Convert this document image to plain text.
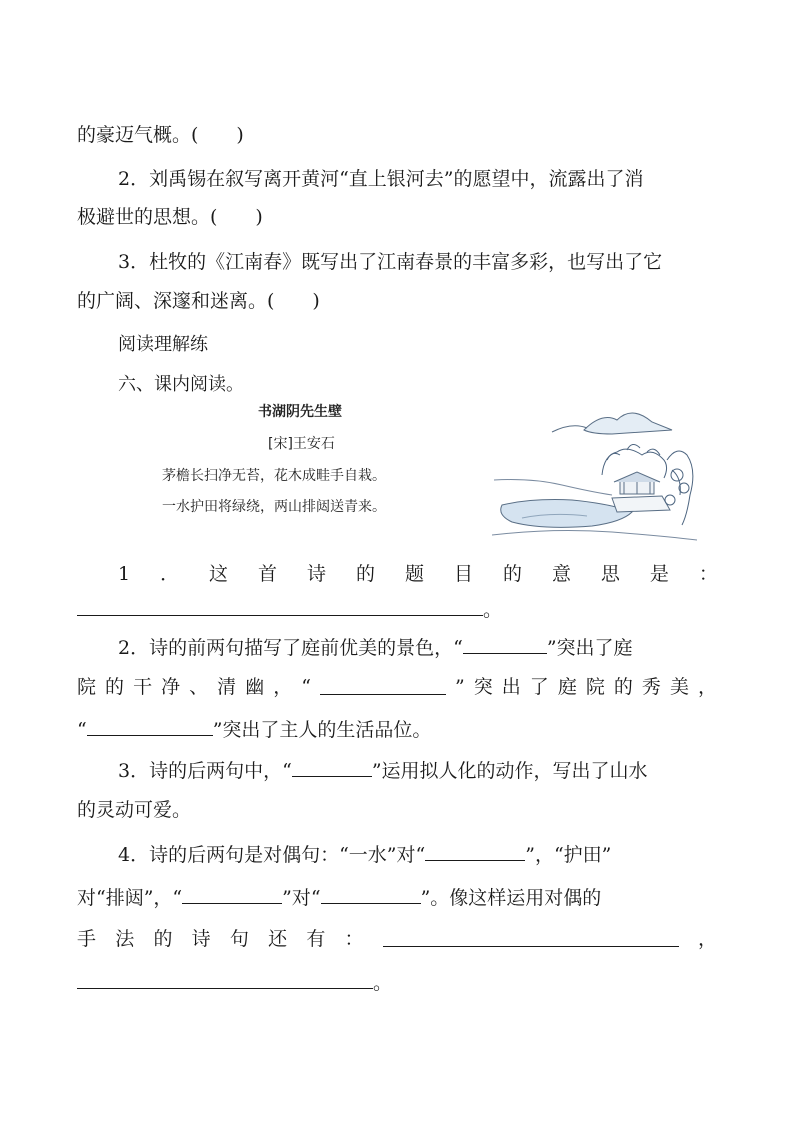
的豪迈气概。( )
2．刘禹锡在叙写离开黄河“直上银河去”的愿望中，流露出了消
极避世的思想。( )
3．杜牧的《江南春》既写出了江南春景的丰富多彩，也写出了它
的广阔、深邃和迷离。( )
阅读理解练
六、课内阅读。
书湖阴先生壁
[宋]王安石
茅檐长扫净无苔，花木成畦手自栽。
一水护田将绿绕，两山排闼送青来。
1 ． 这 首 诗 的 题 目 的 意 思 是 ：
。
2．诗的前两句描写了庭前优美的景色，“	”突出了庭
院 的 干 净 、 清 幽 ， “	” 突 出 了 庭 院 的 秀 美 ，
“	”突出了主人的生活品位。
3．诗的后两句中，“	”运用拟人化的动作，写出了山水
的灵动可爱。
4．诗的后两句是对偶句：“一水”对“	”，“护田”
对“排闼”，“	”对“	”。像这样运用对偶的
手 法 的 诗 句 还 有 ：	，
。
